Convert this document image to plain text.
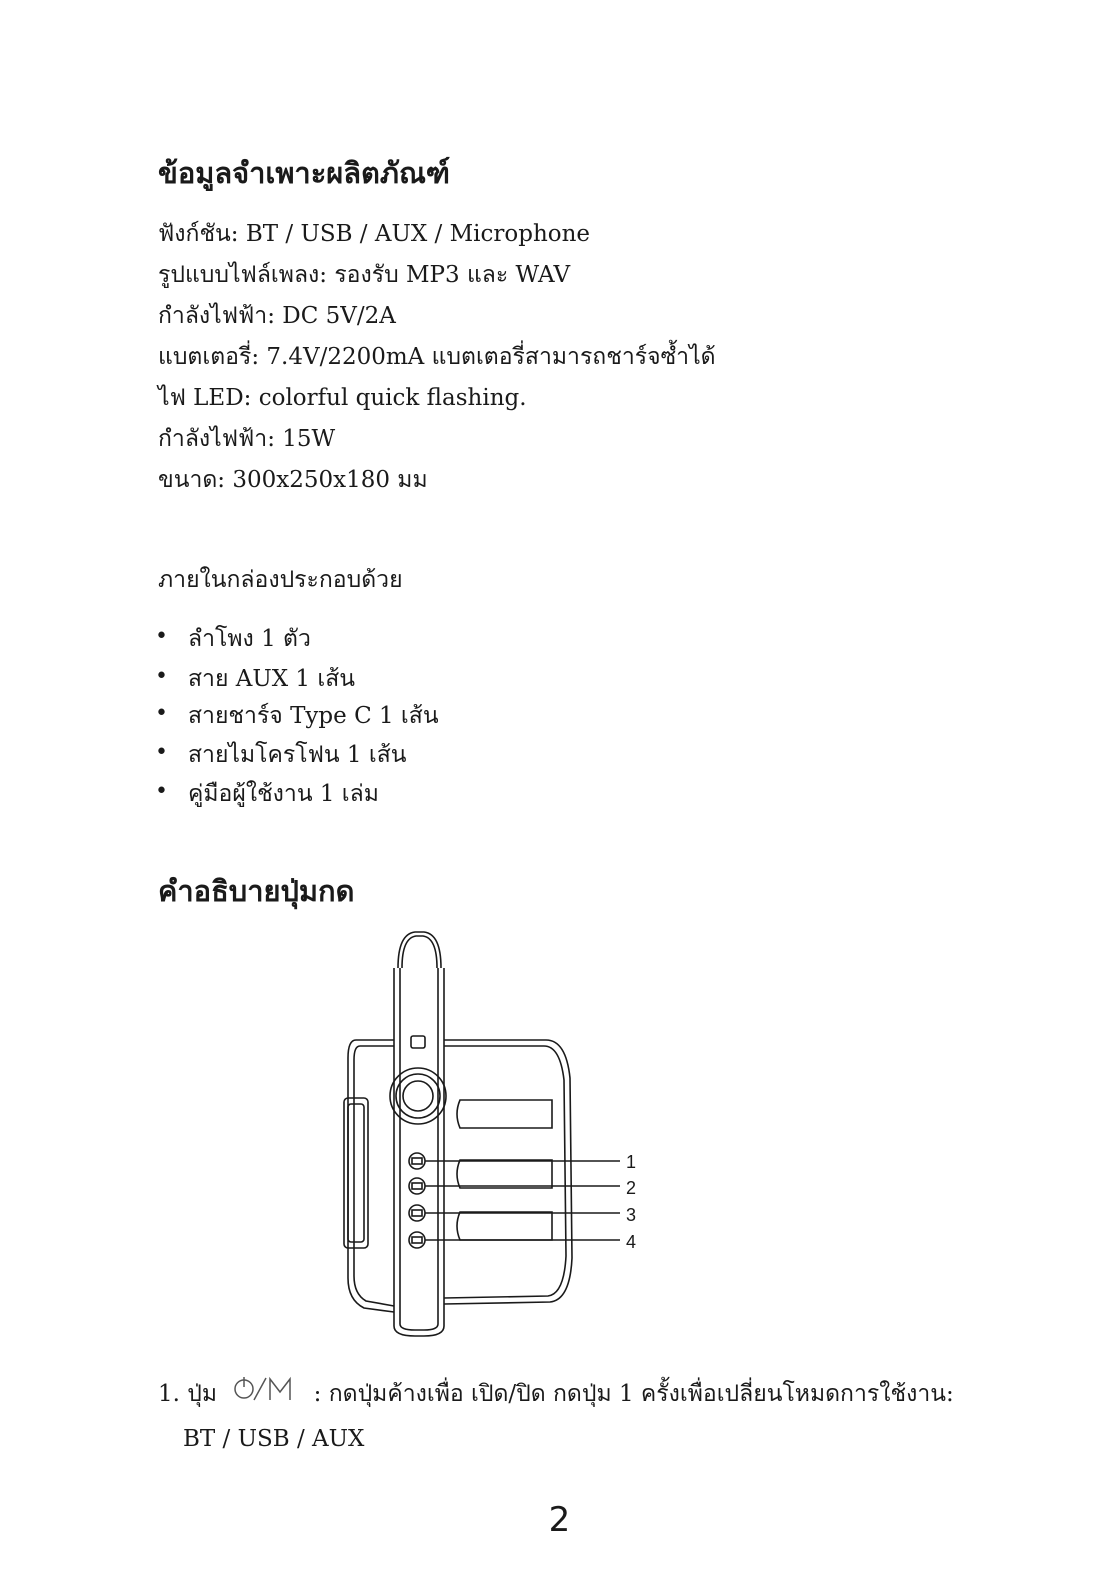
ข้อมูลจำเพาะผลิตภัณฑ์
ฟังก์ชัน: BT / USB / AUX / Microphone
รูปแบบไฟล์เพลง: รองรับ MP3 และ WAV
กำลังไฟฟ้า: DC 5V/2A
แบตเตอรี่: 7.4V/2200mA แบตเตอรี่สามารถชาร์จซ้ำได้
ไฟ LED: colorful quick flashing.
กำลังไฟฟ้า: 15W
ขนาด: 300x250x180 มม
ภายในกล่องประกอบด้วย
• ลำโพง 1 ตัว
• สาย AUX 1 เส้น
• สายชาร์จ Type C 1 เส้น
• สายไมโครโฟน 1 เส้น
• คู่มือผู้ใช้งาน 1 เล่ม
คำอธิบายปุ่มกด
1
2
3
4
1. ปุ่ม	: กดปุ่มค้างเพื่อ เปิด/ปิด กดปุ่ม 1 ครั้งเพื่อเปลี่ยนโหมดการใช้งาน:
BT / USB / AUX
2
